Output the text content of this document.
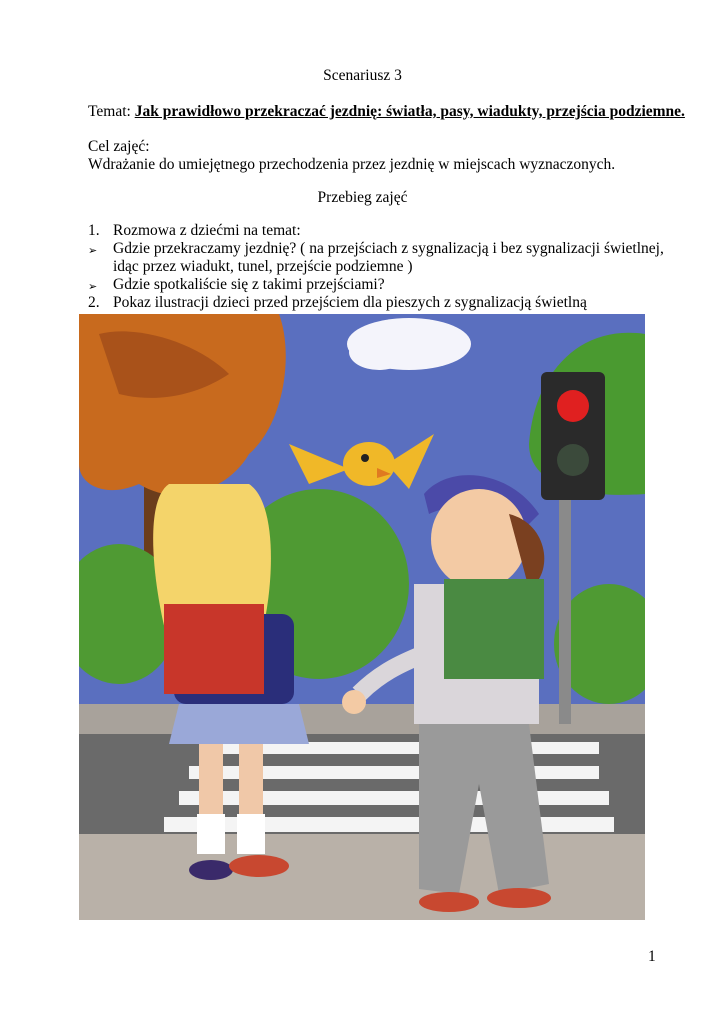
Scenariusz 3
Temat: Jak prawidłowo przekraczać jezdnię: światła, pasy, wiadukty, przejścia podziemne.
Cel zajęć:
Wdrażanie do umiejętnego przechodzenia przez jezdnię w miejscach wyznaczonych.
Przebieg zajęć
1. Rozmowa z dziećmi na temat:
➢	Gdzie przekraczamy jezdnię? ( na przejściach z sygnalizacją i bez sygnalizacji świetlnej,
idąc przez wiadukt, tunel, przejście podziemne )
➢	Gdzie spotkaliście się z takimi przejściami?
2. Pokaz ilustracji dzieci przed przejściem dla pieszych z sygnalizacją świetlną
1
